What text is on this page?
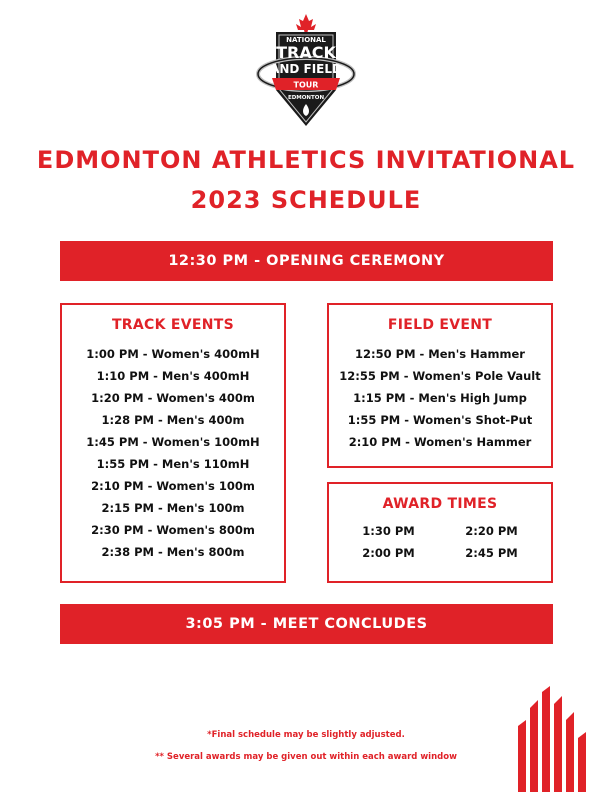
NATIONAL
TRACK
AND FIELD
TOUR
EDMONTON
EDMONTON ATHLETICS INVITATIONAL
2023 SCHEDULE
12:30 PM - OPENING CEREMONY
TRACK EVENTS
1:00 PM - Women's 400mH
1:10 PM - Men's 400mH
1:20 PM - Women's 400m
1:28 PM - Men's 400m
1:45 PM - Women's 100mH
1:55 PM - Men's 110mH
2:10 PM - Women's 100m
2:15 PM - Men's 100m
2:30 PM - Women's 800m
2:38 PM - Men's 800m
FIELD EVENT
12:50 PM - Men's Hammer
12:55 PM - Women's Pole Vault
1:15 PM - Men's High Jump
1:55 PM - Women's Shot-Put
2:10 PM - Women's Hammer
AWARD TIMES
1:30 PM	2:20 PM
2:00 PM	2:45 PM
3:05 PM - MEET CONCLUDES
*Final schedule may be slightly adjusted.
** Several awards may be given out within each award window
